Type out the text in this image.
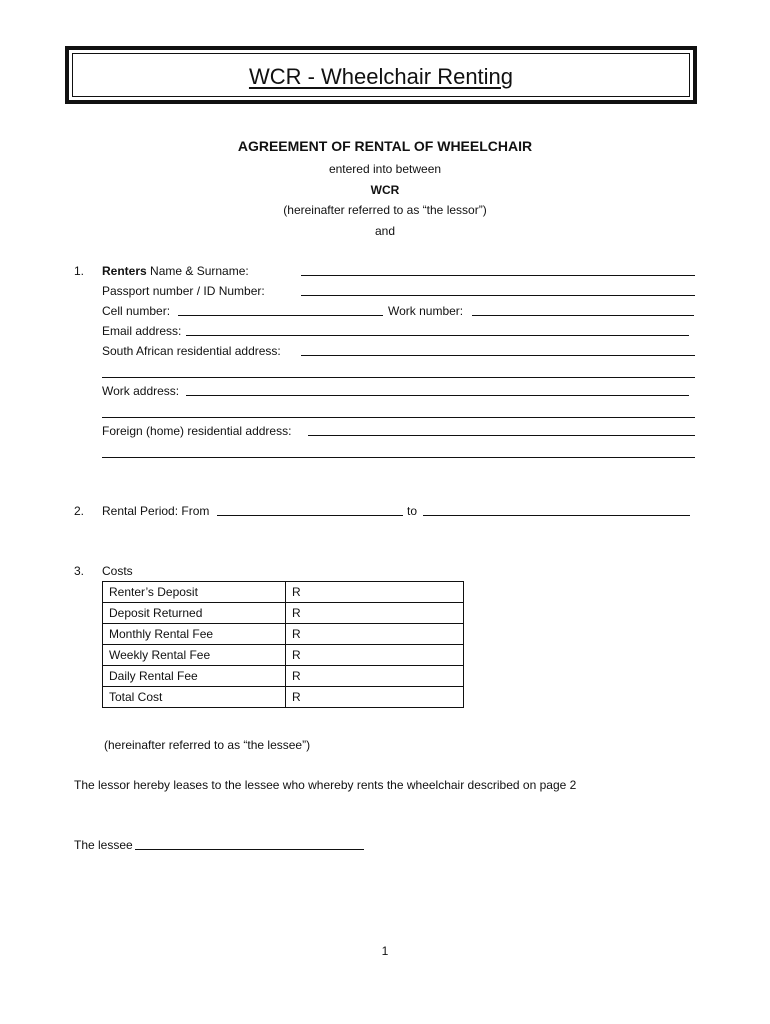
WCR - Wheelchair Renting
AGREEMENT OF RENTAL OF WHEELCHAIR
entered into between
WCR
(hereinafter referred to as “the lessor”)
and
1. Renters Name & Surname:
Passport number / ID Number:
Cell number:	Work number:
Email address:
South African residential address:
Work address:
Foreign (home) residential address:
2. Rental Period: From	to
3. Costs
Renter’s Deposit	R
Deposit Returned	R
Monthly Rental Fee	R
Weekly Rental Fee	R
Daily Rental Fee	R
Total Cost	R
(hereinafter referred to as “the lessee”)
The lessor hereby leases to the lessee who whereby rents the wheelchair described on page 2
The lessee
1
